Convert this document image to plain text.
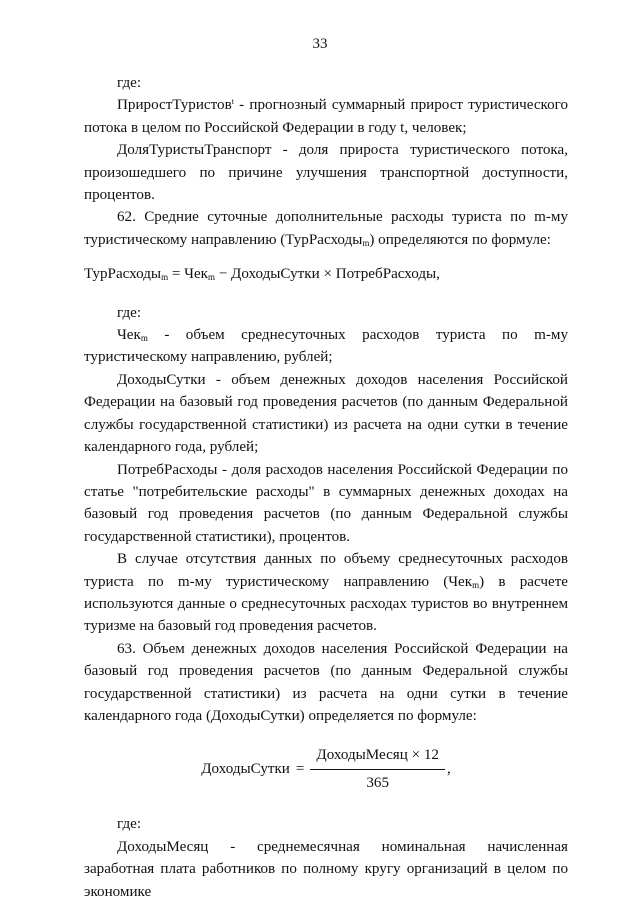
33

где:

ПриростТуристов$^t$ - прогнозный суммарный прирост туристического потока в целом по Российской Федерации в году t, человек;

ДоляТуристыТранспорт - доля прироста туристического потока, произошедшего по причине улучшения транспортной доступности, процентов.

62. Средние суточные дополнительные расходы туриста по m-му туристическому направлению (ТурРасходы$_m$) определяются по формуле:

ТурРасходы$_m$ = Чек$_m$ − ДоходыСутки × ПотребРасходы,

где:

Чек$_m$ - объем среднесуточных расходов туриста по m-му туристическому направлению, рублей;

ДоходыСутки - объем денежных доходов населения Российской Федерации на базовый год проведения расчетов (по данным Федеральной службы государственной статистики) из расчета на одни сутки в течение календарного года, рублей;

ПотребРасходы - доля расходов населения Российской Федерации по статье "потребительские расходы" в суммарных денежных доходах на базовый год проведения расчетов (по данным Федеральной службы государственной статистики), процентов.

В случае отсутствия данных по объему среднесуточных расходов туриста по m-му туристическому направлению (Чек$_m$) в расчете используются данные о среднесуточных расходах туристов во внутреннем туризме на базовый год проведения расчетов.

63. Объем денежных доходов населения Российской Федерации на базовый год проведения расчетов (по данным Федеральной службы государственной статистики) из расчета на одни сутки в течение календарного года (ДоходыСутки) определяется по формуле:

ДоходыСутки = $\frac{\text{ДоходыМесяц × 12}}{365}$ ,

где:

ДоходыМесяц - среднемесячная номинальная начисленная заработная плата работников по полному кругу организаций в целом по экономике
